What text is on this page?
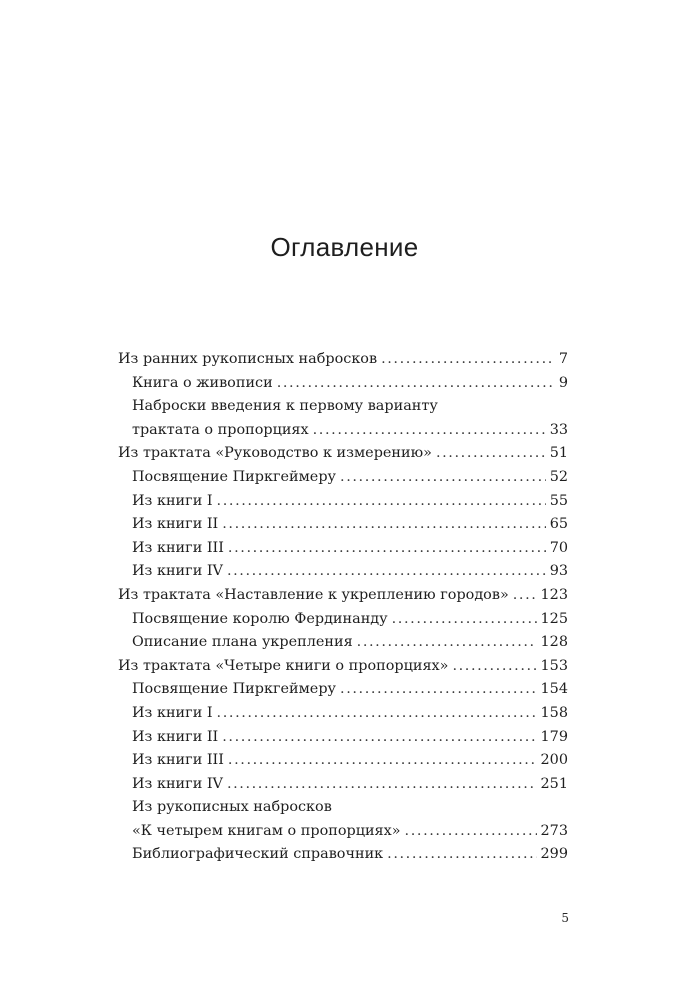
Оглавление
Из ранних рукописных набросков .....	7
Книга о живописи .....	9
Наброски введения к первому варианту
трактата о пропорциях .....	33
Из трактата «Руководство к измерению» .....	51
Посвящение Пиркгеймеру .....	52
Из книги I .....	55
Из книги II .....	65
Из книги III .....	70
Из книги IV .....	93
Из трактата «Наставление к укреплению городов» ..... 123
Посвящение королю Фердинанду .....	125
Описание плана укрепления .....	128
Из трактата «Четыре книги о пропорциях» .....	153
Посвящение Пиркгеймеру .....	154
Из книги I .....	158
Из книги II .....	179
Из книги III .....	200
Из книги IV .....	251
Из рукописных набросков
«К четырем книгам о пропорциях» .....	273
Библиографический справочник .....	299
5
